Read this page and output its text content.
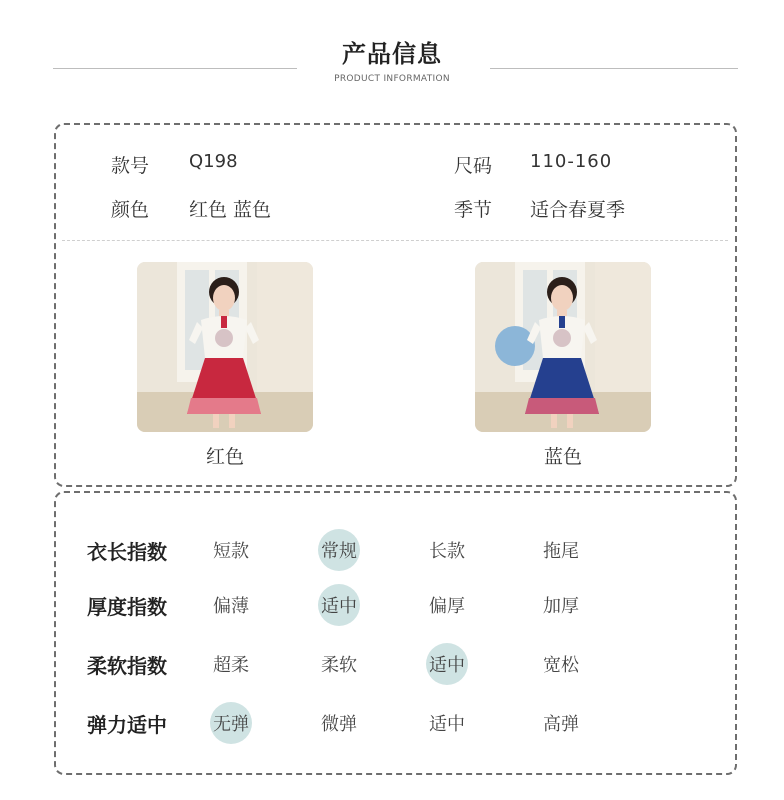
产品信息
PRODUCT INFORMATION
款号 Q198	尺码 110-160
颜色 红色 蓝色	季节 适合春夏季
红色	蓝色
衣长指数	短款	常规	长款	拖尾
厚度指数	偏薄	适中	偏厚	加厚
柔软指数	超柔	柔软	适中	宽松
弹力适中	无弹	微弹	适中	高弹
